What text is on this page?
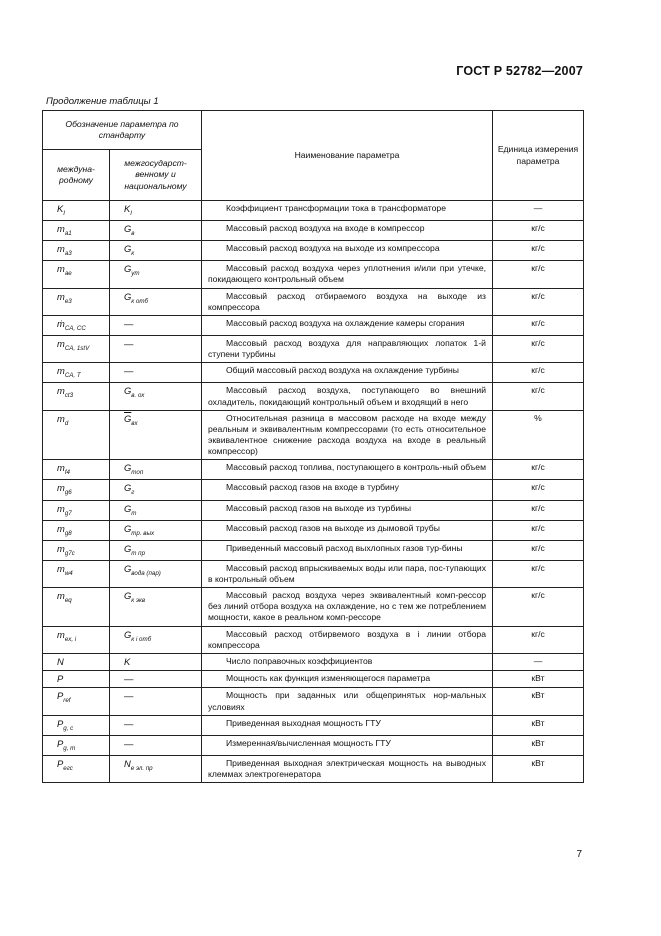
ГОСТ Р 52782—2007
Продолжение таблицы 1
Обозначение параметра по стандарту		Наименование параметра	Единица измерения параметра
междуна-родному	межгосударст-венному и национальному		
$K_I$	$K_I$	Коэффициент трансформации тока в трансформаторе	—
$m_{a1}$	$G_в$	Массовый расход воздуха на входе в компрессор	кг/с
$m_{a3}$	$G_к$	Массовый расход воздуха на выходе из компрессора	кг/с
$m_{ae}$	$G_{ут}$	Массовый расход воздуха через уплотнения и/или при утечке, покидающего контрольный объем	кг/с
$m_{e3}$	$G_{к отб}$	Массовый расход отбираемого воздуха на выходе из компрессора	кг/с
ṁ$_{CA, CC}$	—	Массовый расход воздуха на охлаждение камеры сгорания	кг/с
$m_{CA, 1stV}$	—	Массовый расход воздуха для направляющих лопаток 1-й ступени турбины	кг/с
$m_{CA, T}$	—	Общий массовый расход воздуха на охлаждение турбины	кг/с
$m_{ct3}$	$G_{в. ох}$	Массовый расход воздуха, поступающего во внешний охладитель, покидающий контрольный объем и входящий в него	кг/с
$m_d$	$\overline{G}_{вх}$	Относительная разница в массовом расходе на входе между реальным и эквивалентным компрессорами (то есть относительное эквивалентное снижение расхода воздуха на входе в реальный компрессор)	%
$m_{f4}$	$G_{топ}$	Массовый расход топлива, поступающего в контроль-ный объем	кг/с
$m_{g6}$	$G_г$	Массовый расход газов на входе в турбину	кг/с
$m_{g7}$	$G_т$	Массовый расход газов на выходе из турбины	кг/с
$m_{g8}$	$G_{тр. вых}$	Массовый расход газов на выходе из дымовой трубы	кг/с
$m_{g7c}$	$G_{т пр}$	Приведенный массовый расход выхлопных газов тур-бины	кг/с
$m_{w4}$	$G_{вода (пар)}$	Массовый расход впрыскиваемых воды или пара, пос-тупающих в контрольный объем	кг/с
$m_{eq}$	$G_{к экв}$	Массовый расход воздуха через эквивалентный комп-рессор без линий отбора воздуха на охлаждение, но с тем же потреблением мощности, какое в реальном комп-рессоре	кг/с
$m_{ex, i}$	$G_{к i отб}$	Массовый расход отбирвемого воздуха в i линии отбора компрессора	кг/с
N	K	Число поправочных коэффициентов	—
P	—	Мощность как функция изменяющегося параметра	кВт
$P_{ref}$	—	Мощность при заданных или общепринятых нор-мальных условиях	кВт
$P_{g, c}$	—	Приведенная выходная мощность ГТУ	кВт
$P_{g, m}$	—	Измеренная/вычисленная мощность ГТУ	кВт
$P_{eгc}$	$N_{е эл. пр}$	Приведенная выходная электрическая мощность на выводных клеммах электрогенератора	кВт
7
